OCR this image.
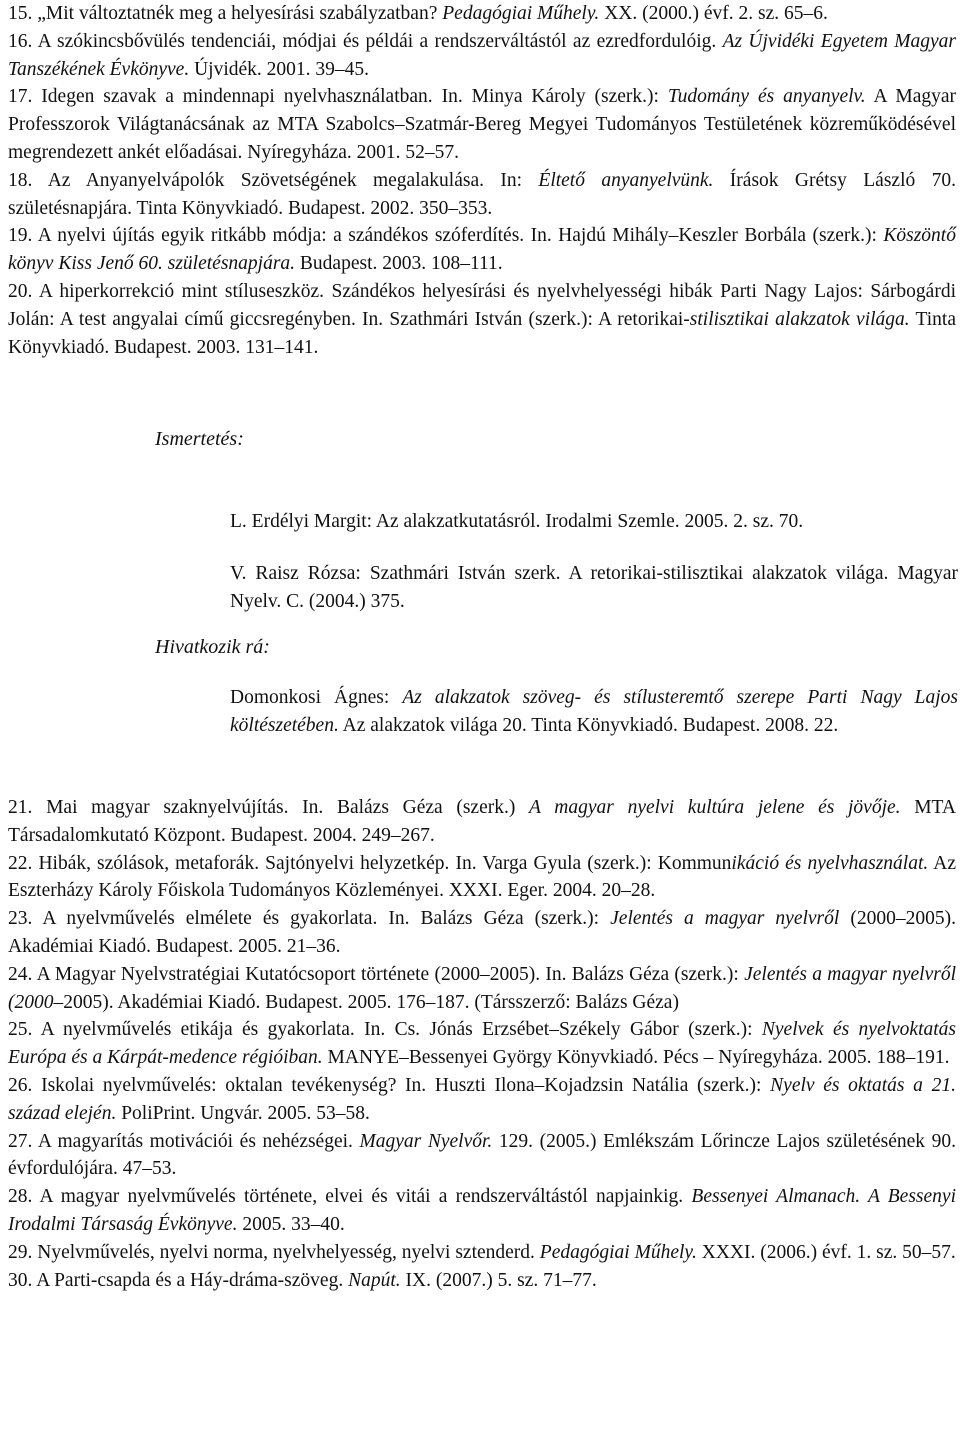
15. „Mit változtatnék meg a helyesírási szabályzatban? Pedagógiai Műhely. XX. (2000.) évf. 2. sz. 65–6.

16. A szókincsbővülés tendenciái, módjai és példái a rendszerváltástól az ezredfordulóig. Az Újvidéki Egyetem Magyar Tanszékének Évkönyve. Újvidék. 2001. 39–45.

17. Idegen szavak a mindennapi nyelvhasználatban. In. Minya Károly (szerk.): Tudomány és anyanyelv. A Magyar Professzorok Világtanácsának az MTA Szabolcs–Szatmár-Bereg Megyei Tudományos Testületének közreműködésével megrendezett ankét előadásai. Nyíregyháza. 2001. 52–57.

18. Az Anyanyelvápolók Szövetségének megalakulása. In: Éltető anyanyelvünk. Írások Grétsy László 70. születésnapjára. Tinta Könyvkiadó. Budapest. 2002. 350–353.

19. A nyelvi újítás egyik ritkább módja: a szándékos szóferdítés. In. Hajdú Mihály–Keszler Borbála (szerk.): Köszöntő könyv Kiss Jenő 60. születésnapjára. Budapest. 2003. 108–111.

20. A hiperkorrekció mint stíluseszköz. Szándékos helyesírási és nyelvhelyességi hibák Parti Nagy Lajos: Sárbogárdi Jolán: A test angyalai című giccsregényben. In. Szathmári István (szerk.): A retorikai-stilisztikai alakzatok világa. Tinta Könyvkiadó. Budapest. 2003. 131–141.

Ismertetés:
L. Erdélyi Margit: Az alakzatkutatásról. Irodalmi Szemle. 2005. 2. sz. 70.
V. Raisz Rózsa: Szathmári István szerk. A retorikai-stilisztikai alakzatok világa. Magyar Nyelv. C. (2004.) 375.
Hivatkozik rá:
Domonkosi Ágnes: Az alakzatok szöveg- és stílusteremtő szerepe Parti Nagy Lajos költészetében. Az alakzatok világa 20. Tinta Könyvkiadó. Budapest. 2008. 22.

21. Mai magyar szaknyelvújítás. In. Balázs Géza (szerk.) A magyar nyelvi kultúra jelene és jövője. MTA Társadalomkutató Központ. Budapest. 2004. 249–267.

22. Hibák, szólások, metaforák. Sajtónyelvi helyzetkép. In. Varga Gyula (szerk.): Kommunikáció és nyelvhasználat. Az Eszterházy Károly Főiskola Tudományos Közleményei. XXXI. Eger. 2004. 20–28.

23. A nyelvművelés elmélete és gyakorlata. In. Balázs Géza (szerk.): Jelentés a magyar nyelvről (2000–2005). Akadémiai Kiadó. Budapest. 2005. 21–36.

24. A Magyar Nyelvstratégiai Kutatócsoport története (2000–2005). In. Balázs Géza (szerk.): Jelentés a magyar nyelvről (2000–2005). Akadémiai Kiadó. Budapest. 2005. 176–187. (Társszerző: Balázs Géza)

25. A nyelvművelés etikája és gyakorlata. In. Cs. Jónás Erzsébet–Székely Gábor (szerk.): Nyelvek és nyelvoktatás Európa és a Kárpát-medence régióiban. MANYE–Bessenyei György Könyvkiadó. Pécs – Nyíregyháza. 2005. 188–191.

26. Iskolai nyelvművelés: oktalan tevékenység? In. Huszti Ilona–Kojadzsin Natália (szerk.): Nyelv és oktatás a 21. század elején. PoliPrint. Ungvár. 2005. 53–58.

27. A magyarítás motivációi és nehézségei. Magyar Nyelvőr. 129. (2005.) Emlékszám Lőrincze Lajos születésének 90. évfordulójára. 47–53.

28. A magyar nyelvművelés története, elvei és vitái a rendszerváltástól napjainkig. Bessenyei Almanach. A Bessenyi Irodalmi Társaság Évkönyve. 2005. 33–40.

29. Nyelvművelés, nyelvi norma, nyelvhelyesség, nyelvi sztenderd. Pedagógiai Műhely. XXXI. (2006.) évf. 1. sz. 50–57.

30. A Parti-csapda és a Háy-dráma-szöveg. Napút. IX. (2007.) 5. sz. 71–77.
